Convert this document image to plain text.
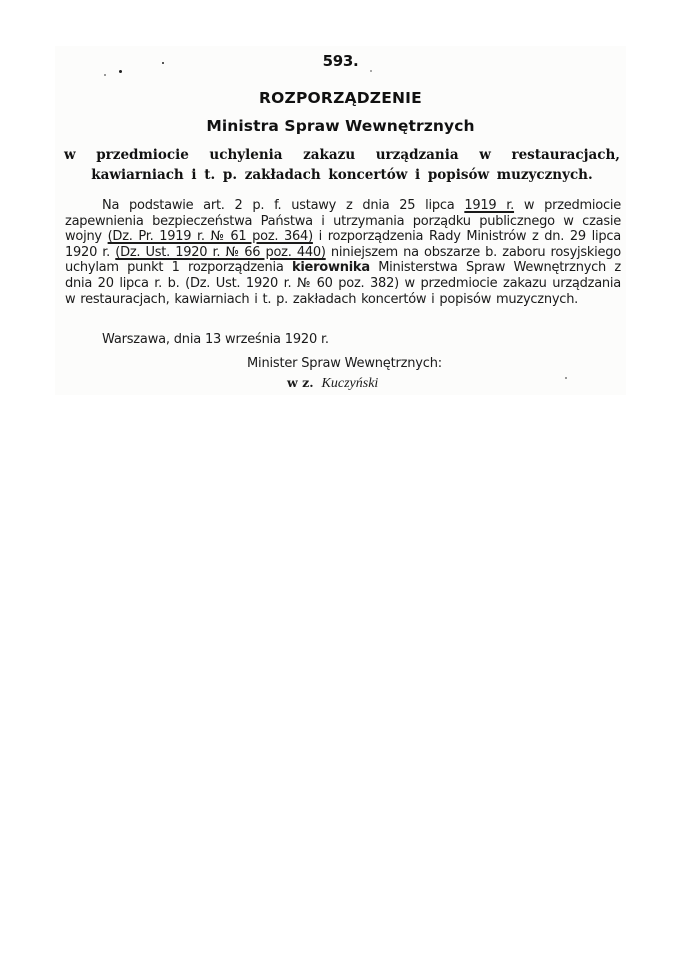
593.
ROZPORZĄDZENIE
Ministra Spraw Wewnętrznych
w przedmiocie uchylenia zakazu urządzania w restauracjach, kawiarniach i t. p. zakładach koncertów i popisów muzycznych.

Na podstawie art. 2 p. f. ustawy z dnia 25 lipca 1919 r. w przedmiocie zapewnienia bezpieczeństwa Państwa i utrzymania porządku publicznego w czasie wojny (Dz. Pr. 1919 r. № 61 poz. 364) i rozporządzenia Rady Ministrów z dn. 29 lipca 1920 r. (Dz. Ust. 1920 r. № 66 poz. 440) niniejszem na obszarze b. zaboru rosyjskiego uchylam punkt 1 rozporządzenia kierownika Ministerstwa Spraw Wewnętrznych z dnia 20 lipca r. b. (Dz. Ust. 1920 r. № 60 poz. 382) w przedmiocie zakazu urządzania w restauracjach, kawiarniach i t. p. zakładach koncertów i popisów muzycznych.

Warszawa, dnia 13 września 1920 r.
Minister Spraw Wewnętrznych:
w z. Kuczyński
